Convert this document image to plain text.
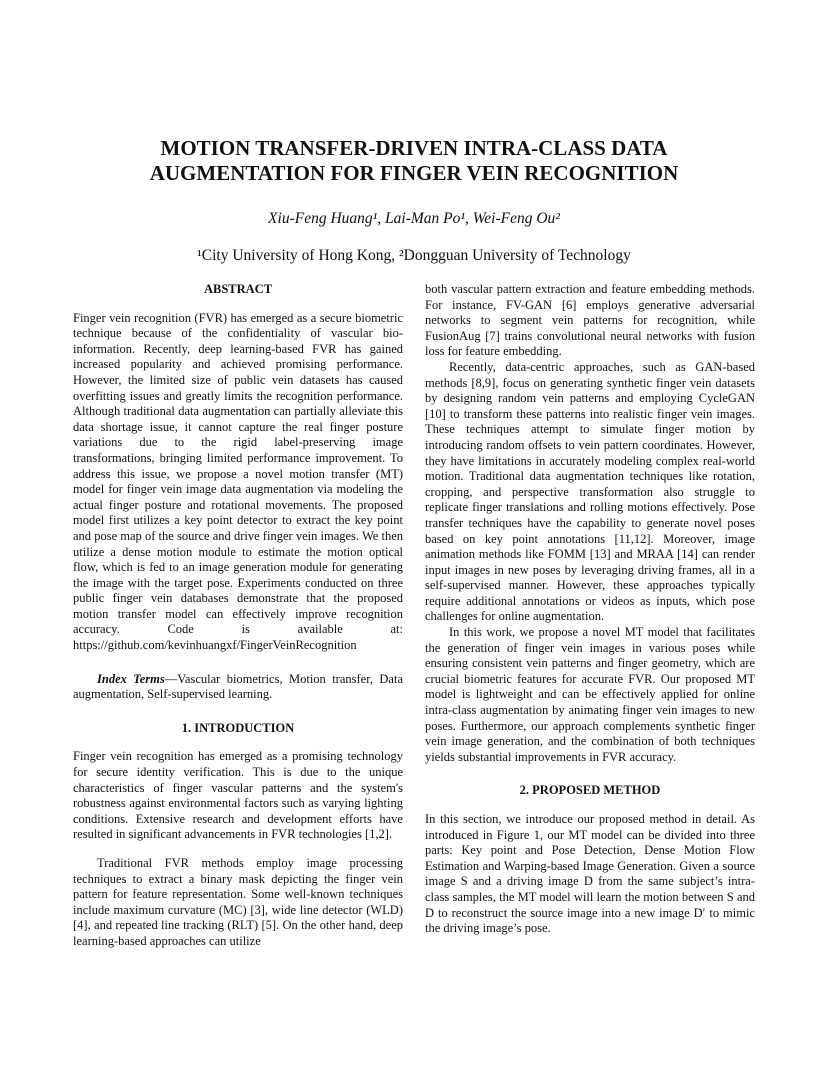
MOTION TRANSFER-DRIVEN INTRA-CLASS DATA
AUGMENTATION FOR FINGER VEIN RECOGNITION
Xiu-Feng Huang¹, Lai-Man Po¹, Wei-Feng Ou²
¹City University of Hong Kong, ²Dongguan University of Technology
ABSTRACT

Finger vein recognition (FVR) has emerged as a secure biometric technique because of the confidentiality of vascular bio-information. Recently, deep learning-based FVR has gained increased popularity and achieved promising performance. However, the limited size of public vein datasets has caused overfitting issues and greatly limits the recognition performance. Although traditional data augmentation can partially alleviate this data shortage issue, it cannot capture the real finger posture variations due to the rigid label-preserving image transformations, bringing limited performance improvement. To address this issue, we propose a novel motion transfer (MT) model for finger vein image data augmentation via modeling the actual finger posture and rotational movements. The proposed model first utilizes a key point detector to extract the key point and pose map of the source and drive finger vein images. We then utilize a dense motion module to estimate the motion optical flow, which is fed to an image generation module for generating the image with the target pose. Experiments conducted on three public finger vein databases demonstrate that the proposed motion transfer model can effectively improve recognition accuracy. Code is available at: https://github.com/kevinhuangxf/FingerVeinRecognition

Index Terms—Vascular biometrics, Motion transfer, Data augmentation, Self-supervised learning.

1. INTRODUCTION

Finger vein recognition has emerged as a promising technology for secure identity verification. This is due to the unique characteristics of finger vascular patterns and the system's robustness against environmental factors such as varying lighting conditions. Extensive research and development efforts have resulted in significant advancements in FVR technologies [1,2].

Traditional FVR methods employ image processing techniques to extract a binary mask depicting the finger vein pattern for feature representation. Some well-known techniques include maximum curvature (MC) [3], wide line detector (WLD) [4], and repeated line tracking (RLT) [5]. On the other hand, deep learning-based approaches can utilize

both vascular pattern extraction and feature embedding methods. For instance, FV-GAN [6] employs generative adversarial networks to segment vein patterns for recognition, while FusionAug [7] trains convolutional neural networks with fusion loss for feature embedding.

Recently, data-centric approaches, such as GAN-based methods [8,9], focus on generating synthetic finger vein datasets by designing random vein patterns and employing CycleGAN [10] to transform these patterns into realistic finger vein images. These techniques attempt to simulate finger motion by introducing random offsets to vein pattern coordinates. However, they have limitations in accurately modeling complex real-world motion. Traditional data augmentation techniques like rotation, cropping, and perspective transformation also struggle to replicate finger translations and rolling motions effectively. Pose transfer techniques have the capability to generate novel poses based on key point annotations [11,12]. Moreover, image animation methods like FOMM [13] and MRAA [14] can render input images in new poses by leveraging driving frames, all in a self-supervised manner. However, these approaches typically require additional annotations or videos as inputs, which pose challenges for online augmentation.

In this work, we propose a novel MT model that facilitates the generation of finger vein images in various poses while ensuring consistent vein patterns and finger geometry, which are crucial biometric features for accurate FVR. Our proposed MT model is lightweight and can be effectively applied for online intra-class augmentation by animating finger vein images to new poses. Furthermore, our approach complements synthetic finger vein image generation, and the combination of both techniques yields substantial improvements in FVR accuracy.

2. PROPOSED METHOD

In this section, we introduce our proposed method in detail. As introduced in Figure 1, our MT model can be divided into three parts: Key point and Pose Detection, Dense Motion Flow Estimation and Warping-based Image Generation. Given a source image S and a driving image D from the same subject’s intra-class samples, the MT model will learn the motion between S and D to reconstruct the source image into a new image D′ to mimic the driving image’s pose.
